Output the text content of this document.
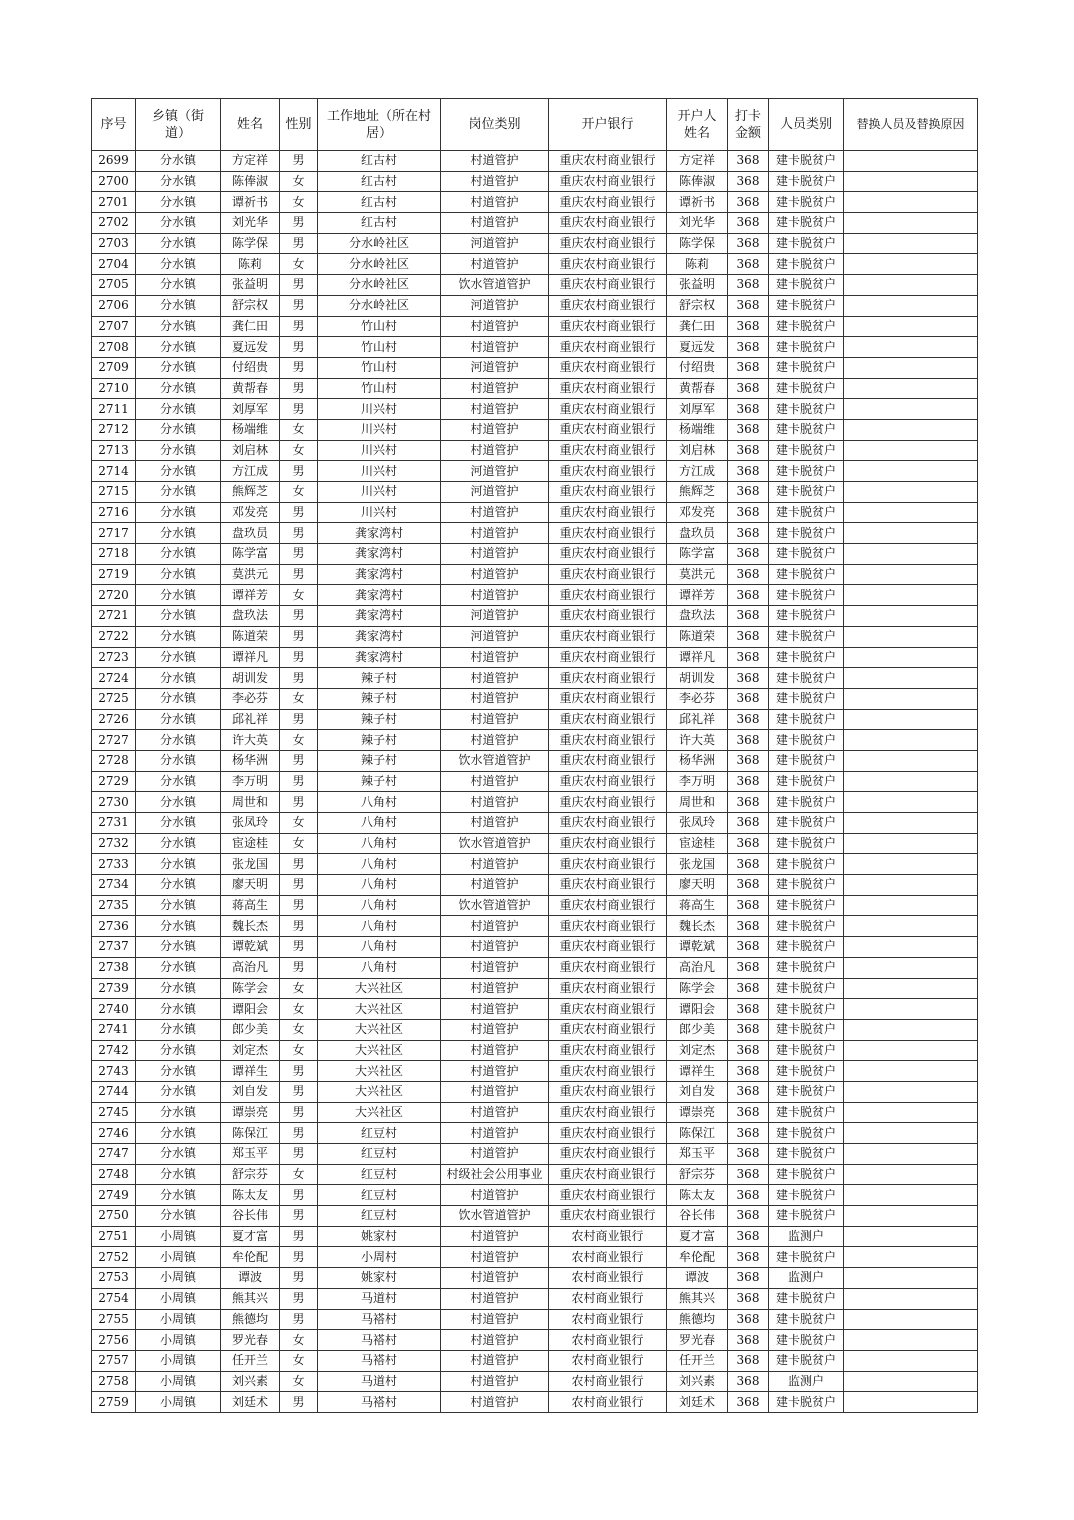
序号	乡镇（街道）	姓名	性别	工作地址（所在村居）	岗位类别	开户银行	开户人姓名	打卡金额	人员类别	替换人员及替换原因
2699	分水镇	方定祥	男	红古村	村道管护	重庆农村商业银行	方定祥	368	建卡脱贫户	
2700	分水镇	陈俸淑	女	红古村	村道管护	重庆农村商业银行	陈俸淑	368	建卡脱贫户	
2701	分水镇	谭祈书	女	红古村	村道管护	重庆农村商业银行	谭祈书	368	建卡脱贫户	
2702	分水镇	刘光华	男	红古村	村道管护	重庆农村商业银行	刘光华	368	建卡脱贫户	
2703	分水镇	陈学保	男	分水岭社区	河道管护	重庆农村商业银行	陈学保	368	建卡脱贫户	
2704	分水镇	陈莉	女	分水岭社区	村道管护	重庆农村商业银行	陈莉	368	建卡脱贫户	
2705	分水镇	张益明	男	分水岭社区	饮水管道管护	重庆农村商业银行	张益明	368	建卡脱贫户	
2706	分水镇	舒宗权	男	分水岭社区	河道管护	重庆农村商业银行	舒宗权	368	建卡脱贫户	
2707	分水镇	龚仁田	男	竹山村	村道管护	重庆农村商业银行	龚仁田	368	建卡脱贫户	
2708	分水镇	夏远发	男	竹山村	村道管护	重庆农村商业银行	夏远发	368	建卡脱贫户	
2709	分水镇	付绍贵	男	竹山村	河道管护	重庆农村商业银行	付绍贵	368	建卡脱贫户	
2710	分水镇	黄帮春	男	竹山村	村道管护	重庆农村商业银行	黄帮春	368	建卡脱贫户	
2711	分水镇	刘厚军	男	川兴村	村道管护	重庆农村商业银行	刘厚军	368	建卡脱贫户	
2712	分水镇	杨端维	女	川兴村	村道管护	重庆农村商业银行	杨端维	368	建卡脱贫户	
2713	分水镇	刘启林	女	川兴村	村道管护	重庆农村商业银行	刘启林	368	建卡脱贫户	
2714	分水镇	方江成	男	川兴村	河道管护	重庆农村商业银行	方江成	368	建卡脱贫户	
2715	分水镇	熊辉芝	女	川兴村	河道管护	重庆农村商业银行	熊辉芝	368	建卡脱贫户	
2716	分水镇	邓发亮	男	川兴村	村道管护	重庆农村商业银行	邓发亮	368	建卡脱贫户	
2717	分水镇	盘玖员	男	龚家湾村	村道管护	重庆农村商业银行	盘玖员	368	建卡脱贫户	
2718	分水镇	陈学富	男	龚家湾村	村道管护	重庆农村商业银行	陈学富	368	建卡脱贫户	
2719	分水镇	莫洪元	男	龚家湾村	村道管护	重庆农村商业银行	莫洪元	368	建卡脱贫户	
2720	分水镇	谭祥芳	女	龚家湾村	村道管护	重庆农村商业银行	谭祥芳	368	建卡脱贫户	
2721	分水镇	盘玖法	男	龚家湾村	河道管护	重庆农村商业银行	盘玖法	368	建卡脱贫户	
2722	分水镇	陈道荣	男	龚家湾村	河道管护	重庆农村商业银行	陈道荣	368	建卡脱贫户	
2723	分水镇	谭祥凡	男	龚家湾村	村道管护	重庆农村商业银行	谭祥凡	368	建卡脱贫户	
2724	分水镇	胡训发	男	辣子村	村道管护	重庆农村商业银行	胡训发	368	建卡脱贫户	
2725	分水镇	李必芬	女	辣子村	村道管护	重庆农村商业银行	李必芬	368	建卡脱贫户	
2726	分水镇	邱礼祥	男	辣子村	村道管护	重庆农村商业银行	邱礼祥	368	建卡脱贫户	
2727	分水镇	许大英	女	辣子村	村道管护	重庆农村商业银行	许大英	368	建卡脱贫户	
2728	分水镇	杨华洲	男	辣子村	饮水管道管护	重庆农村商业银行	杨华洲	368	建卡脱贫户	
2729	分水镇	李万明	男	辣子村	村道管护	重庆农村商业银行	李万明	368	建卡脱贫户	
2730	分水镇	周世和	男	八角村	村道管护	重庆农村商业银行	周世和	368	建卡脱贫户	
2731	分水镇	张凤玲	女	八角村	村道管护	重庆农村商业银行	张凤玲	368	建卡脱贫户	
2732	分水镇	宦途桂	女	八角村	饮水管道管护	重庆农村商业银行	宦途桂	368	建卡脱贫户	
2733	分水镇	张龙国	男	八角村	村道管护	重庆农村商业银行	张龙国	368	建卡脱贫户	
2734	分水镇	廖天明	男	八角村	村道管护	重庆农村商业银行	廖天明	368	建卡脱贫户	
2735	分水镇	蒋高生	男	八角村	饮水管道管护	重庆农村商业银行	蒋高生	368	建卡脱贫户	
2736	分水镇	魏长杰	男	八角村	村道管护	重庆农村商业银行	魏长杰	368	建卡脱贫户	
2737	分水镇	谭乾斌	男	八角村	村道管护	重庆农村商业银行	谭乾斌	368	建卡脱贫户	
2738	分水镇	高治凡	男	八角村	村道管护	重庆农村商业银行	高治凡	368	建卡脱贫户	
2739	分水镇	陈学会	女	大兴社区	村道管护	重庆农村商业银行	陈学会	368	建卡脱贫户	
2740	分水镇	谭阳会	女	大兴社区	村道管护	重庆农村商业银行	谭阳会	368	建卡脱贫户	
2741	分水镇	郎少美	女	大兴社区	村道管护	重庆农村商业银行	郎少美	368	建卡脱贫户	
2742	分水镇	刘定杰	女	大兴社区	村道管护	重庆农村商业银行	刘定杰	368	建卡脱贫户	
2743	分水镇	谭祥生	男	大兴社区	村道管护	重庆农村商业银行	谭祥生	368	建卡脱贫户	
2744	分水镇	刘自发	男	大兴社区	村道管护	重庆农村商业银行	刘自发	368	建卡脱贫户	
2745	分水镇	谭崇亮	男	大兴社区	村道管护	重庆农村商业银行	谭崇亮	368	建卡脱贫户	
2746	分水镇	陈保江	男	红豆村	村道管护	重庆农村商业银行	陈保江	368	建卡脱贫户	
2747	分水镇	郑玉平	男	红豆村	村道管护	重庆农村商业银行	郑玉平	368	建卡脱贫户	
2748	分水镇	舒宗芬	女	红豆村	村级社会公用事业	重庆农村商业银行	舒宗芬	368	建卡脱贫户	
2749	分水镇	陈太友	男	红豆村	村道管护	重庆农村商业银行	陈太友	368	建卡脱贫户	
2750	分水镇	谷长伟	男	红豆村	饮水管道管护	重庆农村商业银行	谷长伟	368	建卡脱贫户	
2751	小周镇	夏才富	男	姚家村	村道管护	农村商业银行	夏才富	368	监测户	
2752	小周镇	牟伦配	男	小周村	村道管护	农村商业银行	牟伦配	368	建卡脱贫户	
2753	小周镇	谭波	男	姚家村	村道管护	农村商业银行	谭波	368	监测户	
2754	小周镇	熊其兴	男	马道村	村道管护	农村商业银行	熊其兴	368	建卡脱贫户	
2755	小周镇	熊德均	男	马褡村	村道管护	农村商业银行	熊德均	368	建卡脱贫户	
2756	小周镇	罗光春	女	马褡村	村道管护	农村商业银行	罗光春	368	建卡脱贫户	
2757	小周镇	任开兰	女	马褡村	村道管护	农村商业银行	任开兰	368	建卡脱贫户	
2758	小周镇	刘兴素	女	马道村	村道管护	农村商业银行	刘兴素	368	监测户	
2759	小周镇	刘廷术	男	马褡村	村道管护	农村商业银行	刘廷术	368	建卡脱贫户	
